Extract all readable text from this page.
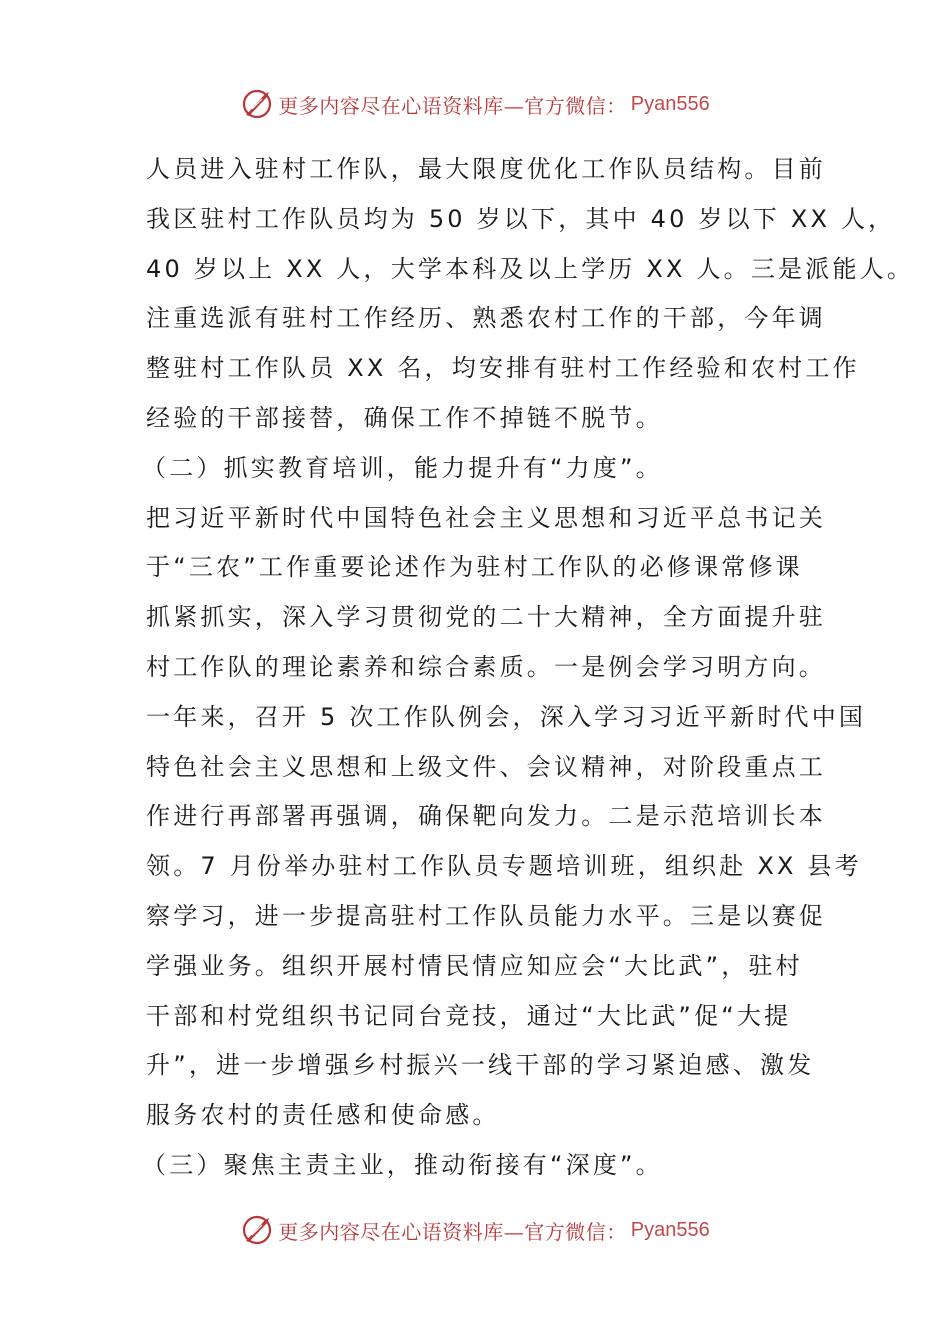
更多内容尽在心语资料库—官方微信： Pyan556
人员进入驻村工作队，最大限度优化工作队员结构。目前
我区驻村工作队员均为 50 岁以下，其中 40 岁以下 XX 人，
40 岁以上 XX 人，大学本科及以上学历 XX 人。三是派能人。
注重选派有驻村工作经历、熟悉农村工作的干部，今年调
整驻村工作队员 XX 名，均安排有驻村工作经验和农村工作
经验的干部接替，确保工作不掉链不脱节。
（二）抓实教育培训，能力提升有“力度”。
把习近平新时代中国特色社会主义思想和习近平总书记关
于“三农”工作重要论述作为驻村工作队的必修课常修课
抓紧抓实，深入学习贯彻党的二十大精神，全方面提升驻
村工作队的理论素养和综合素质。一是例会学习明方向。
一年来，召开 5 次工作队例会，深入学习习近平新时代中国
特色社会主义思想和上级文件、会议精神，对阶段重点工
作进行再部署再强调，确保靶向发力。二是示范培训长本
领。7 月份举办驻村工作队员专题培训班，组织赴 XX 县考
察学习，进一步提高驻村工作队员能力水平。三是以赛促
学强业务。组织开展村情民情应知应会“大比武”，驻村
干部和村党组织书记同台竞技，通过“大比武”促“大提
升”，进一步增强乡村振兴一线干部的学习紧迫感、激发
服务农村的责任感和使命感。
（三）聚焦主责主业，推动衔接有“深度”。
更多内容尽在心语资料库—官方微信： Pyan556
